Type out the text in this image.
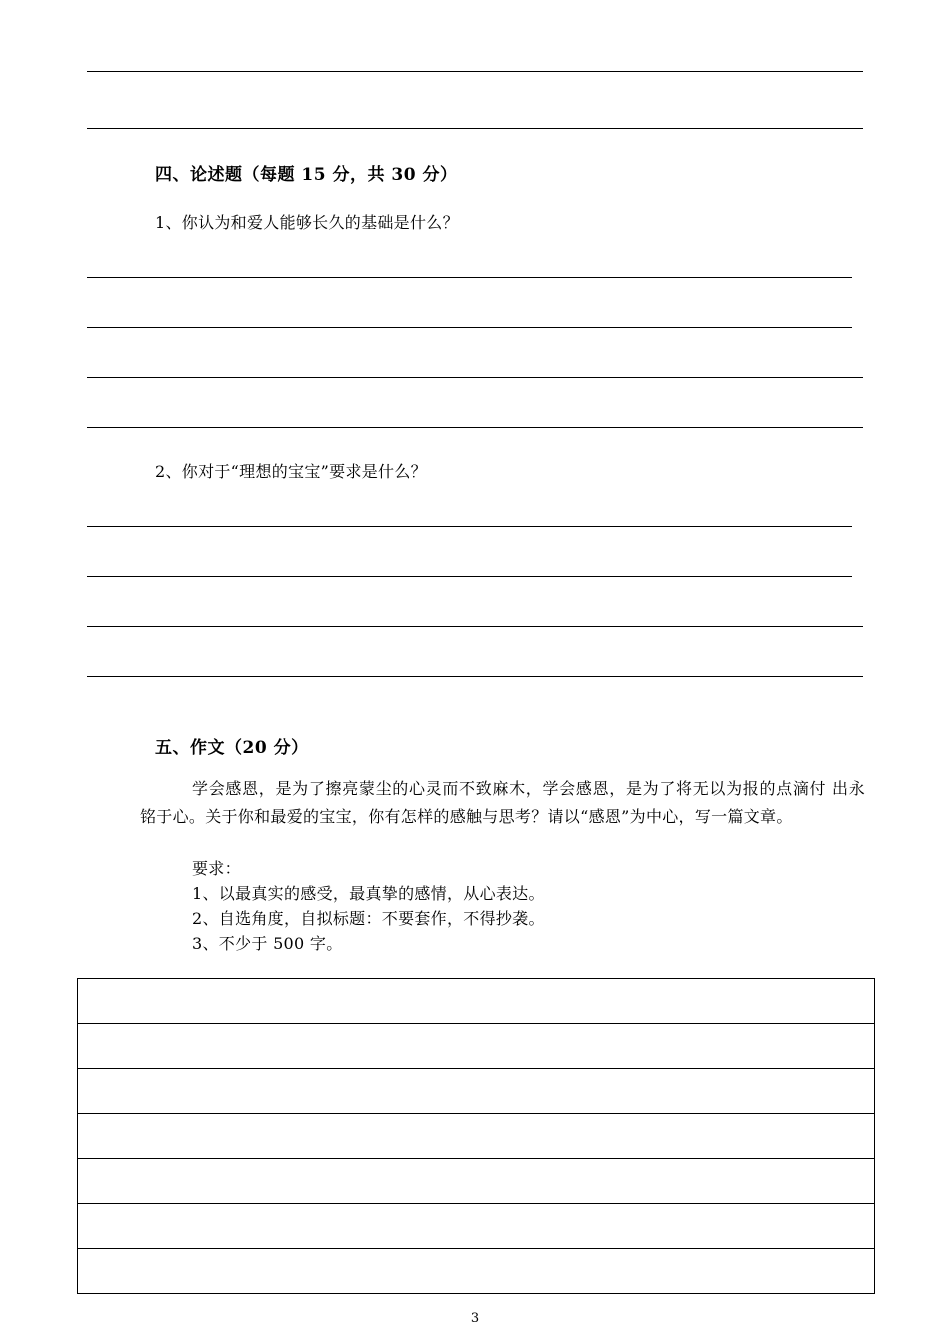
四、论述题（每题 15 分，共 30 分）
1、你认为和爱人能够长久的基础是什么？
2、你对于“理想的宝宝”要求是什么？
五、作文（20 分）
学会感恩，是为了擦亮蒙尘的心灵而不致麻木，学会感恩，是为了将无以为报的点滴付 出永铭于心。关于你和最爱的宝宝，你有怎样的感触与思考？请以“感恩”为中心，写一篇文章。
要求：
1、以最真实的感受，最真挚的感情，从心表达。
2、自选角度，自拟标题：不要套作，不得抄袭。
3、不少于 500 字。
3
